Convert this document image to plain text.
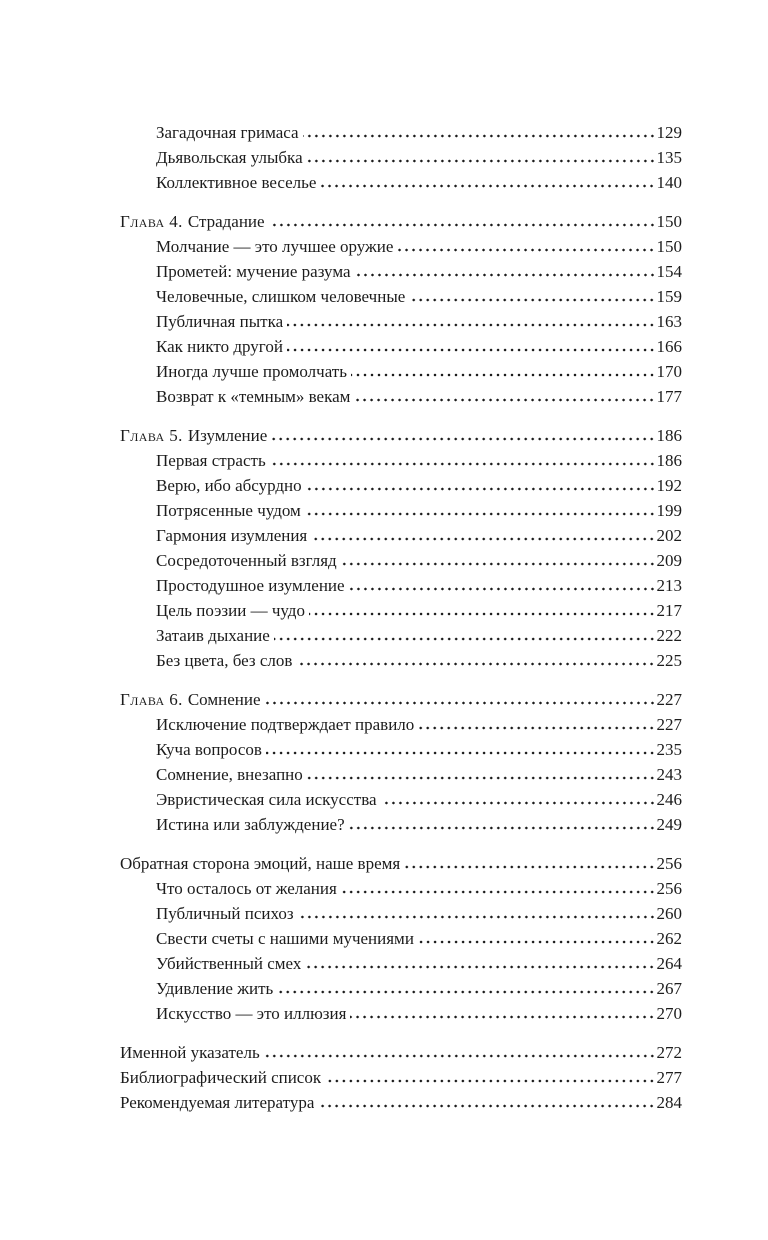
Загадочная гримаса	129
Дьявольская улыбка	135
Коллективное веселье	140
Глава 4. Страдание	150
Молчание — это лучшее оружие	150
Прометей: мучение разума	154
Человечные, слишком человечные	159
Публичная пытка	163
Как никто другой	166
Иногда лучше промолчать	170
Возврат к «темным» векам	177
Глава 5. Изумление	186
Первая страсть	186
Верю, ибо абсурдно	192
Потрясенные чудом	199
Гармония изумления	202
Сосредоточенный взгляд	209
Простодушное изумление	213
Цель поэзии — чудо	217
Затаив дыхание	222
Без цвета, без слов	225
Глава 6. Сомнение	227
Исключение подтверждает правило	227
Куча вопросов	235
Сомнение, внезапно	243
Эвристическая сила искусства	246
Истина или заблуждение?	249
Обратная сторона эмоций, наше время	256
Что осталось от желания	256
Публичный психоз	260
Свести счеты с нашими мучениями	262
Убийственный смех	264
Удивление жить	267
Искусство — это иллюзия	270
Именной указатель	272
Библиографический список	277
Рекомендуемая литература	284
